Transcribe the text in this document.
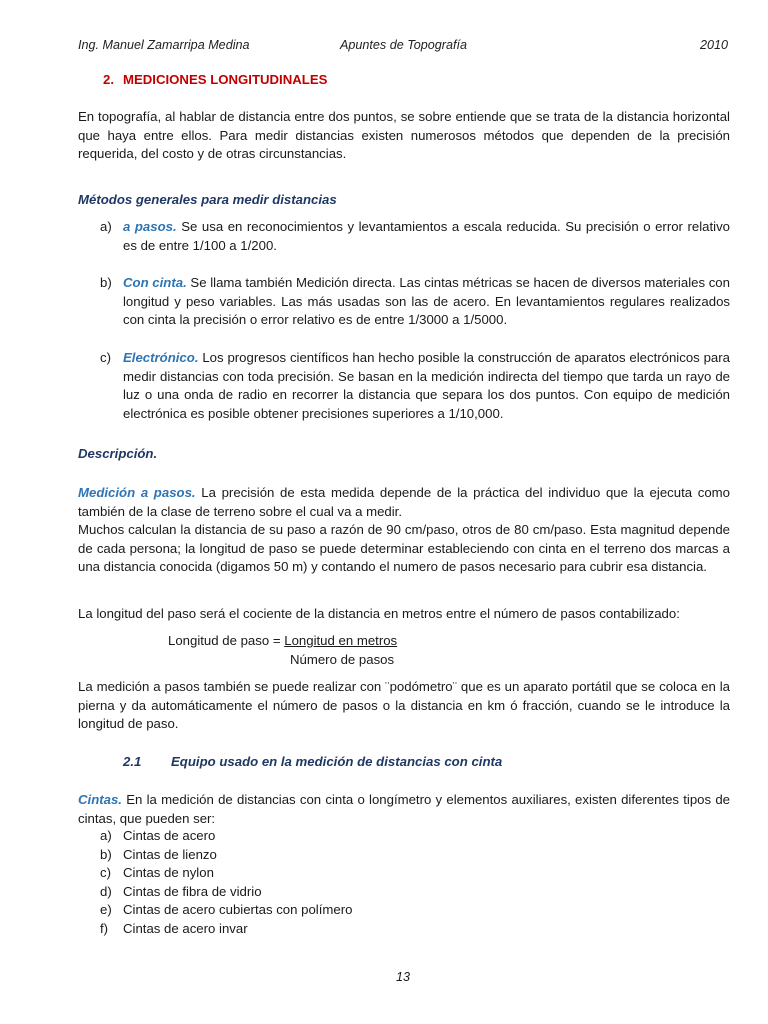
Ing. Manuel Zamarripa Medina	Apuntes de Topografía	2010
2. MEDICIONES LONGITUDINALES
En topografía, al hablar de distancia entre dos puntos, se sobre entiende que se trata de la distancia horizontal que haya entre ellos. Para medir distancias existen numerosos métodos que dependen de la precisión requerida, del costo y de otras circunstancias.
Métodos generales para medir distancias
a) a pasos. Se usa en reconocimientos y levantamientos a escala reducida. Su precisión o error relativo es de entre 1/100 a 1/200.
b) Con cinta. Se llama también Medición directa. Las cintas métricas se hacen de diversos materiales con longitud y peso variables. Las más usadas son las de acero. En levantamientos regulares realizados con cinta la precisión o error relativo es de entre 1/3000 a 1/5000.
c) Electrónico. Los progresos científicos han hecho posible la construcción de aparatos electrónicos para medir distancias con toda precisión. Se basan en la medición indirecta del tiempo que tarda un rayo de luz o una onda de radio en recorrer la distancia que separa los dos puntos. Con equipo de medición electrónica es posible obtener precisiones superiores a 1/10,000.
Descripción.
Medición a pasos. La precisión de esta medida depende de la práctica del individuo que la ejecuta como también de la clase de terreno sobre el cual va a medir.
Muchos calculan la distancia de su paso a razón de 90 cm/paso, otros de 80 cm/paso. Esta magnitud depende de cada persona; la longitud de paso se puede determinar estableciendo con cinta en el terreno dos marcas a una distancia conocida (digamos 50 m) y contando el numero de pasos necesario para cubrir esa distancia.
La longitud del paso será el cociente de la distancia en metros entre el número de pasos contabilizado:
Longitud de paso = Longitud en metros
Número de pasos
La medición a pasos también se puede realizar con ¨podómetro¨ que es un aparato portátil que se coloca en la pierna y da automáticamente el número de pasos o la distancia en km ó fracción, cuando se le introduce la longitud de paso.
2.1 Equipo usado en la medición de distancias con cinta
Cintas. En la medición de distancias con cinta o longímetro y elementos auxiliares, existen diferentes tipos de cintas, que pueden ser:
a) Cintas de acero
b) Cintas de lienzo
c) Cintas de nylon
d) Cintas de fibra de vidrio
e) Cintas de acero cubiertas con polímero
f) Cintas de acero invar
13
